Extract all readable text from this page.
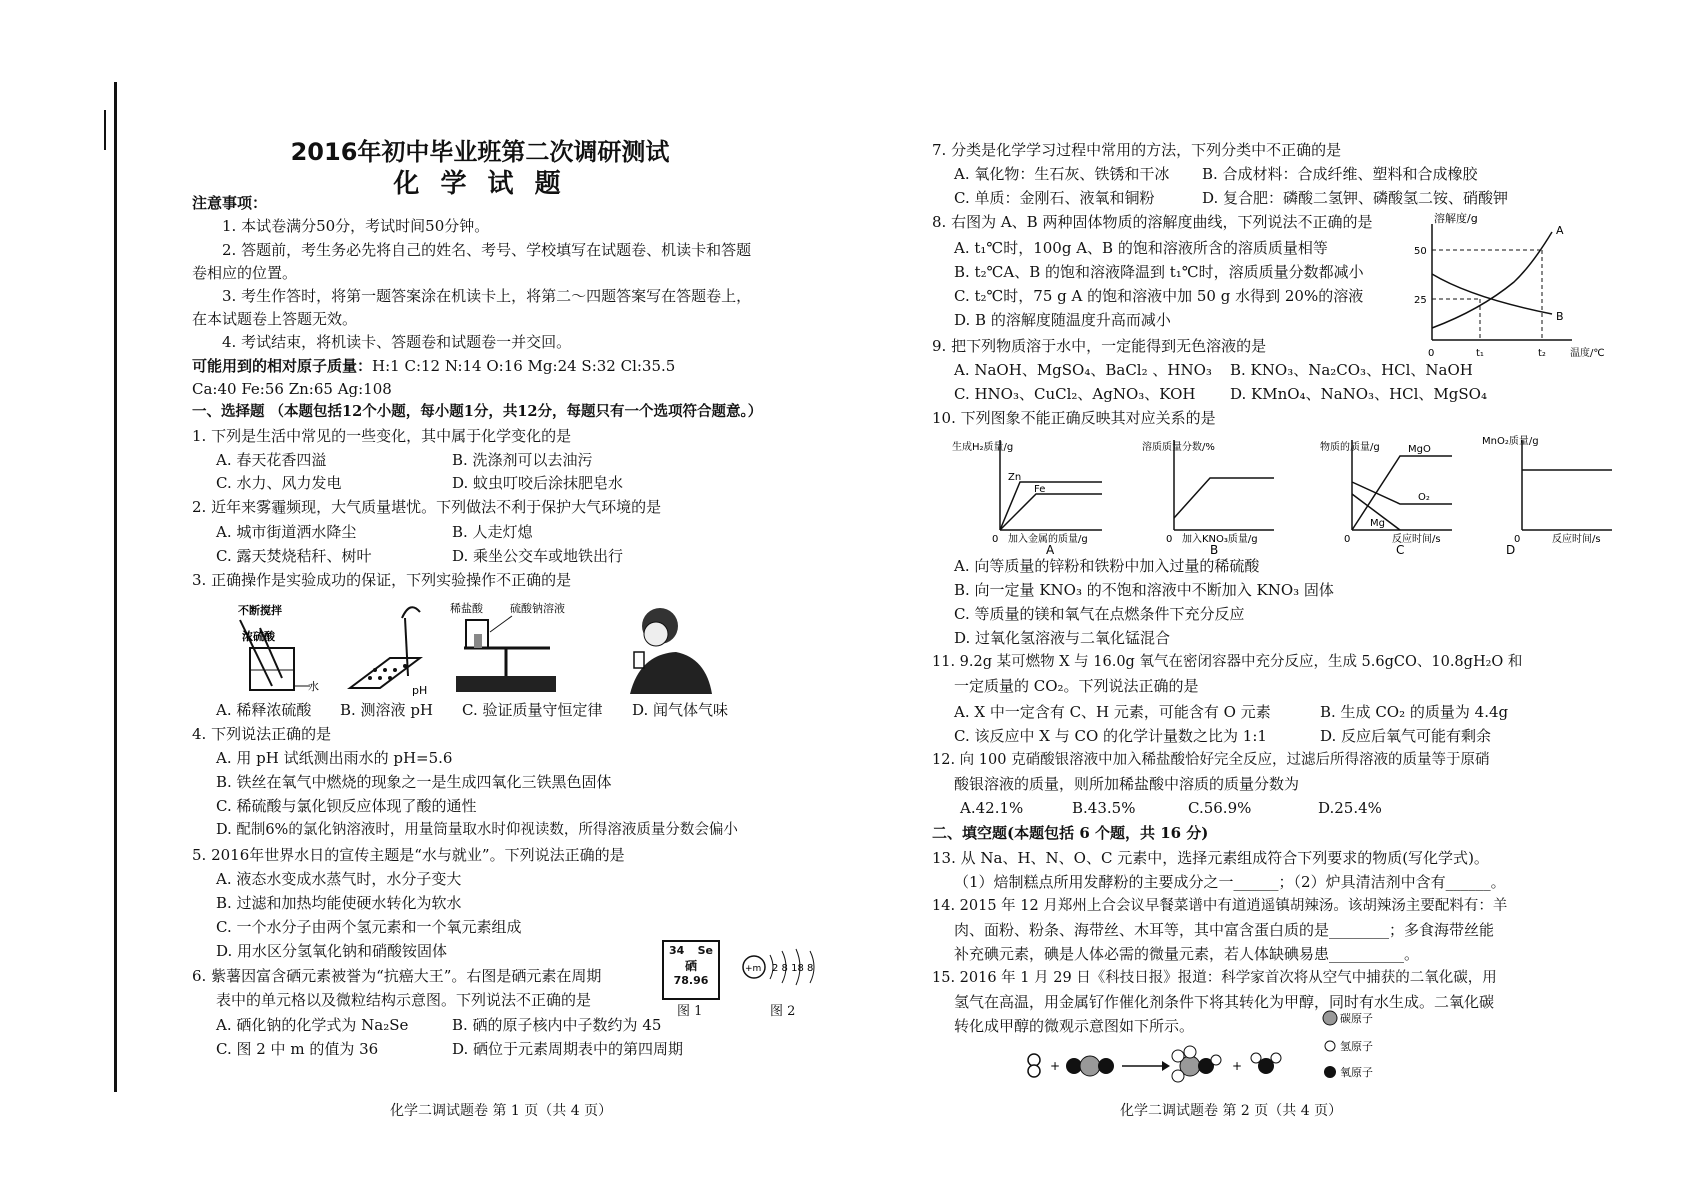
2016年初中毕业班第二次调研测试
化 学 试 题
注意事项：
1. 本试卷满分50分，考试时间50分钟。
2. 答题前，考生务必先将自己的姓名、考号、学校填写在试题卷、机读卡和答题
卷相应的位置。
3. 考生作答时，将第一题答案涂在机读卡上，将第二～四题答案写在答题卷上，
在本试题卷上答题无效。
4. 考试结束，将机读卡、答题卷和试题卷一并交回。
可能用到的相对原子质量：H:1 C:12 N:14 O:16 Mg:24 S:32 Cl:35.5
Ca:40 Fe:56 Zn:65 Ag:108
一、选择题 （本题包括12个小题，每小题1分，共12分，每题只有一个选项符合题意。）
1. 下列是生活中常见的一些变化，其中属于化学变化的是
A. 春天花香四溢	B. 洗涤剂可以去油污
C. 水力、风力发电	D. 蚊虫叮咬后涂抹肥皂水
2. 近年来雾霾频现，大气质量堪忧。下列做法不利于保护大气环境的是
A. 城市街道洒水降尘	B. 人走灯熄
C. 露天焚烧秸秆、树叶	D. 乘坐公交车或地铁出行
3. 正确操作是实验成功的保证，下列实验操作不正确的是
不断搅拌
浓硫酸
水	pH
稀盐酸 硫酸钠溶液
A. 稀释浓硫酸 B. 测溶液 pH C. 验证质量守恒定律 D. 闻气体气味
4. 下列说法正确的是
A. 用 pH 试纸测出雨水的 pH=5.6
B. 铁丝在氧气中燃烧的现象之一是生成四氧化三铁黑色固体
C. 稀硫酸与氯化钡反应体现了酸的通性
D. 配制6%的氯化钠溶液时，用量筒量取水时仰视读数，所得溶液质量分数会偏小
5. 2016年世界水日的宣传主题是“水与就业”。下列说法正确的是
A. 液态水变成水蒸气时，水分子变大
B. 过滤和加热均能使硬水转化为软水
C. 一个水分子由两个氢元素和一个氧元素组成
D. 用水区分氢氧化钠和硝酸铵固体
6. 紫薯因富含硒元素被誉为“抗癌大王”。右图是硒元素在周期
表中的单元格以及微粒结构示意图。下列说法不正确的是
34 Se
硒
78.96
图 1
+m 2 8 18 8
图 2
A. 硒化钠的化学式为 Na₂Se	B. 硒的原子核内中子数约为 45
C. 图 2 中 m 的值为 36	D. 硒位于元素周期表中的第四周期
化学二调试题卷 第 1 页（共 4 页）
7. 分类是化学学习过程中常用的方法，下列分类中不正确的是
A. 氧化物：生石灰、铁锈和干冰 B. 合成材料：合成纤维、塑料和合成橡胶
C. 单质：金刚石、液氧和铜粉	D. 复合肥：磷酸二氢钾、磷酸氢二铵、硝酸钾
8. 右图为 A、B 两种固体物质的溶解度曲线，下列说法不正确的是
A. t₁℃时，100g A、B 的饱和溶液所含的溶质质量相等
B. t₂℃A、B 的饱和溶液降温到 t₁℃时，溶质质量分数都减小
C. t₂℃时，75 g A 的饱和溶液中加 50 g 水得到 20%的溶液
D. B 的溶解度随温度升高而减小
溶解度/g
50
25
0	t₁	t₂ 温度/℃
A
B
9. 把下列物质溶于水中，一定能得到无色溶液的是
A. NaOH、MgSO₄、BaCl₂ 、HNO₃ B. KNO₃、Na₂CO₃、HCl、NaOH
C. HNO₃、CuCl₂、AgNO₃、KOH D. KMnO₄、NaNO₃、HCl、MgSO₄
10. 下列图象不能正确反映其对应关系的是
生成H₂质量/g
Zn
Fe
0 加入金属的质量/g
A
溶质质量分数/%
0 加入KNO₃质量/g
B
物质的质量/g	MgO
O₂
Mg
0	反应时间/s
C
MnO₂质量/g
0	反应时间/s
D
A. 向等质量的锌粉和铁粉中加入过量的稀硫酸
B. 向一定量 KNO₃ 的不饱和溶液中不断加入 KNO₃ 固体
C. 等质量的镁和氧气在点燃条件下充分反应
D. 过氧化氢溶液与二氧化锰混合
11. 9.2g 某可燃物 X 与 16.0g 氧气在密闭容器中充分反应，生成 5.6gCO、10.8gH₂O 和
一定质量的 CO₂。下列说法正确的是
A. X 中一定含有 C、H 元素，可能含有 O 元素	B. 生成 CO₂ 的质量为 4.4g
C. 该反应中 X 与 CO 的化学计量数之比为 1:1	D. 反应后氧气可能有剩余
12. 向 100 克硝酸银溶液中加入稀盐酸恰好完全反应，过滤后所得溶液的质量等于原硝
酸银溶液的质量，则所加稀盐酸中溶质的质量分数为
A.42.1%	B.43.5%	C.56.9%	D.25.4%
二、填空题(本题包括 6 个题，共 16 分)
13. 从 Na、H、N、O、C 元素中，选择元素组成符合下列要求的物质(写化学式)。
（1）焙制糕点所用发酵粉的主要成分之一______；（2）炉具清洁剂中含有______。
14. 2015 年 12 月郑州上合会议早餐菜谱中有道逍遥镇胡辣汤。该胡辣汤主要配料有：羊
肉、面粉、粉条、海带丝、木耳等，其中富含蛋白质的是________；多食海带丝能
补充碘元素，碘是人体必需的微量元素，若人体缺碘易患__________。
15. 2016 年 1 月 29 日《科技日报》报道：科学家首次将从空气中捕获的二氧化碳，用
氢气在高温，用金属钌作催化剂条件下将其转化为甲醇，同时有水生成。二氧化碳
转化成甲醇的微观示意图如下所示。
+	+
碳原子
氢原子
氧原子
化学二调试题卷 第 2 页（共 4 页）
